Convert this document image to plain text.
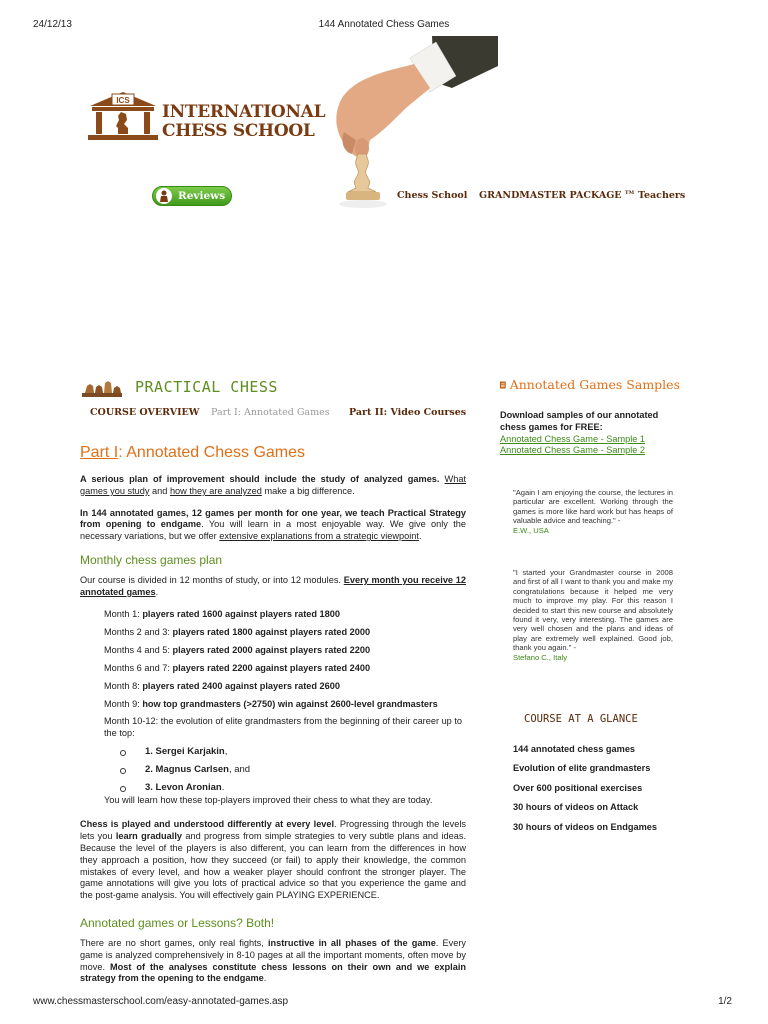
24/12/13	144 Annotated Chess Games
www.chessmasterschool.com/easy-annotated-games.asp	1/2
ICS
INTERNATIONAL
CHESS SCHOOL
Reviews	Chess School GRANDMASTER PACKAGE ™ Teachers
PRACTICAL CHESS
COURSE OVERVIEW Part I: Annotated Games Part II: Video Courses
Part I: Annotated Chess Games

A serious plan of improvement should include the study of analyzed games. What games you study and how they are analyzed make a big difference.

In 144 annotated games, 12 games per month for one year, we teach Practical Strategy from opening to endgame. You will learn in a most enjoyable way. We give only the necessary variations, but we offer extensive explanations from a strategic viewpoint.

Monthly chess games plan

Our course is divided in 12 months of study, or into 12 modules. Every month you receive 12 annotated games.

Month 1: players rated 1600 against players rated 1800
Months 2 and 3: players rated 1800 against players rated 2000
Months 4 and 5: players rated 2000 against players rated 2200
Months 6 and 7: players rated 2200 against players rated 2400
Month 8: players rated 2400 against players rated 2600
Month 9: how top grandmasters (>2750) win against 2600-level grandmasters
Month 10-12: the evolution of elite grandmasters from the beginning of their career up to the top:
1. Sergei Karjakin,
2. Magnus Carlsen, and
3. Levon Aronian.

You will learn how these top-players improved their chess to what they are today.

Chess is played and understood differently at every level. Progressing through the levels lets you learn gradually and progress from simple strategies to very subtle plans and ideas. Because the level of the players is also different, you can learn from the differences in how they approach a position, how they succeed (or fail) to apply their knowledge, the common mistakes of every level, and how a weaker player should confront the stronger player. The game annotations will give you lots of practical advice so that you experience the game and the post-game analysis. You will effectively gain PLAYING EXPERIENCE.

Annotated games or Lessons? Both!

There are no short games, only real fights, instructive in all phases of the game. Every game is analyzed comprehensively in 8-10 pages at all the important moments, often move by move. Most of the analyses constitute chess lessons on their own and we explain strategy from the opening to the endgame.

Annotated Games Samples
Download samples of our annotated chess games for FREE:
Annotated Chess Game - Sample 1
Annotated Chess Game - Sample 2
"Again I am enjoying the course, the lectures in particular are excellent. Working through the games is more like hard work but has heaps of valuable advice and teaching." -
E.W., USA
"I started your Grandmaster course in 2008 and first of all I want to thank you and make my congratulations because it helped me very much to improve my play. For this reason I decided to start this new course and absolutely found it very, very interesting. The games are very well chosen and the plans and ideas of play are extremely well explained. Good job, thank you again." -
Stefano C., Italy
COURSE AT A GLANCE
144 annotated chess games
Evolution of elite grandmasters
Over 600 positional exercises
30 hours of videos on Attack
30 hours of videos on Endgames
